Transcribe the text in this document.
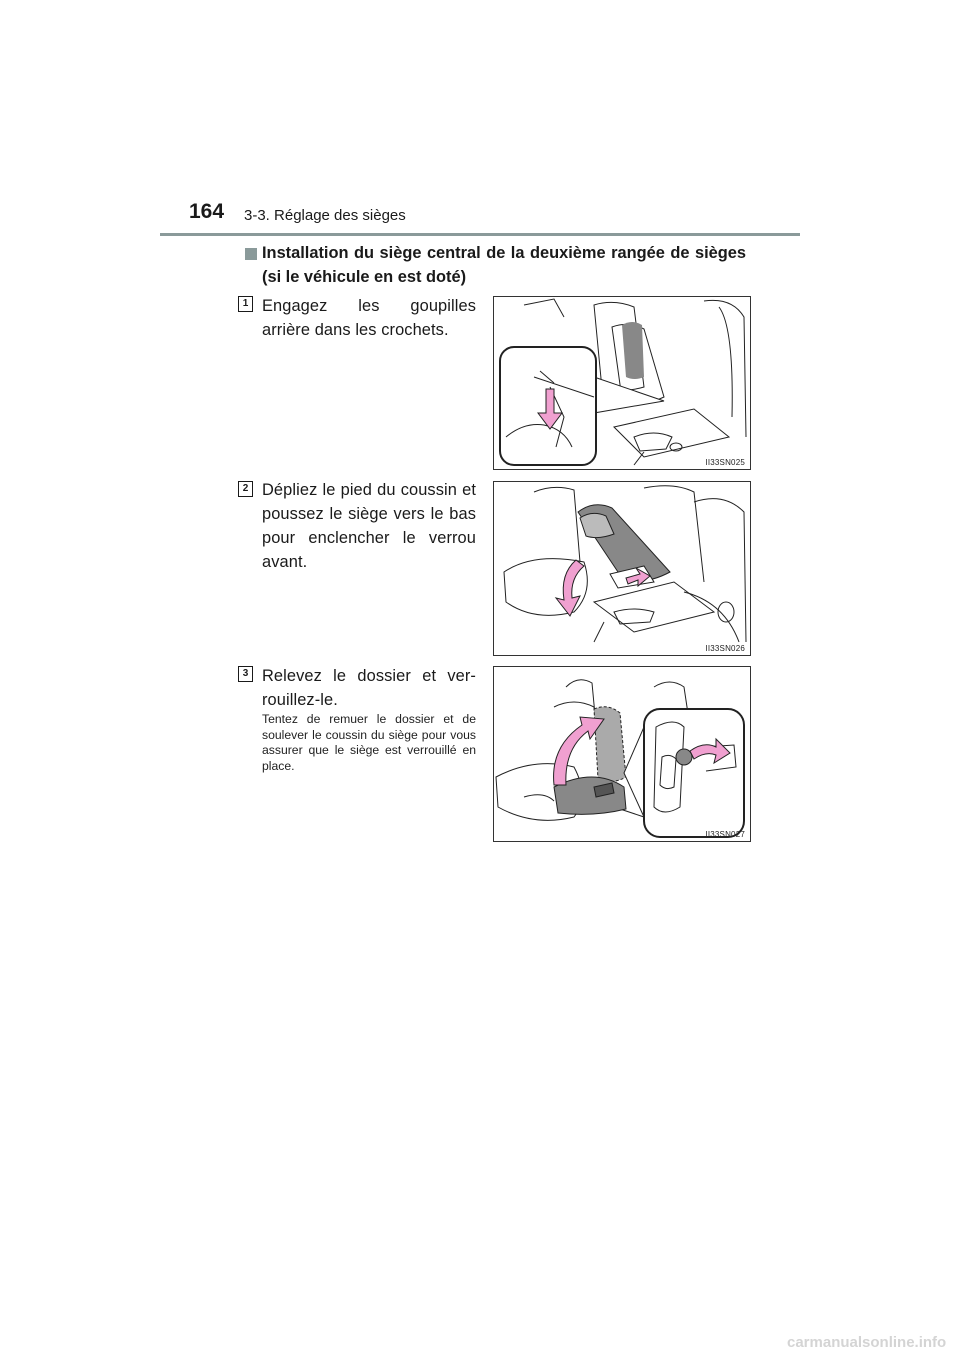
164 3-3. Réglage des sièges
Installation du siège central de la deuxième rangée de sièges (si le véhicule en est doté)
1 Engagez les goupilles arrière dans les crochets.
II33SN025
2 Dépliez le pied du coussin et poussez le siège vers le bas pour enclencher le verrou avant.
II33SN026
3 Relevez le dossier et ver-rouillez-le.
Tentez de remuer le dossier et de soulever le coussin du siège pour vous assurer que le siège est verrouillé en place.
II33SN027
carmanualsonline.info
